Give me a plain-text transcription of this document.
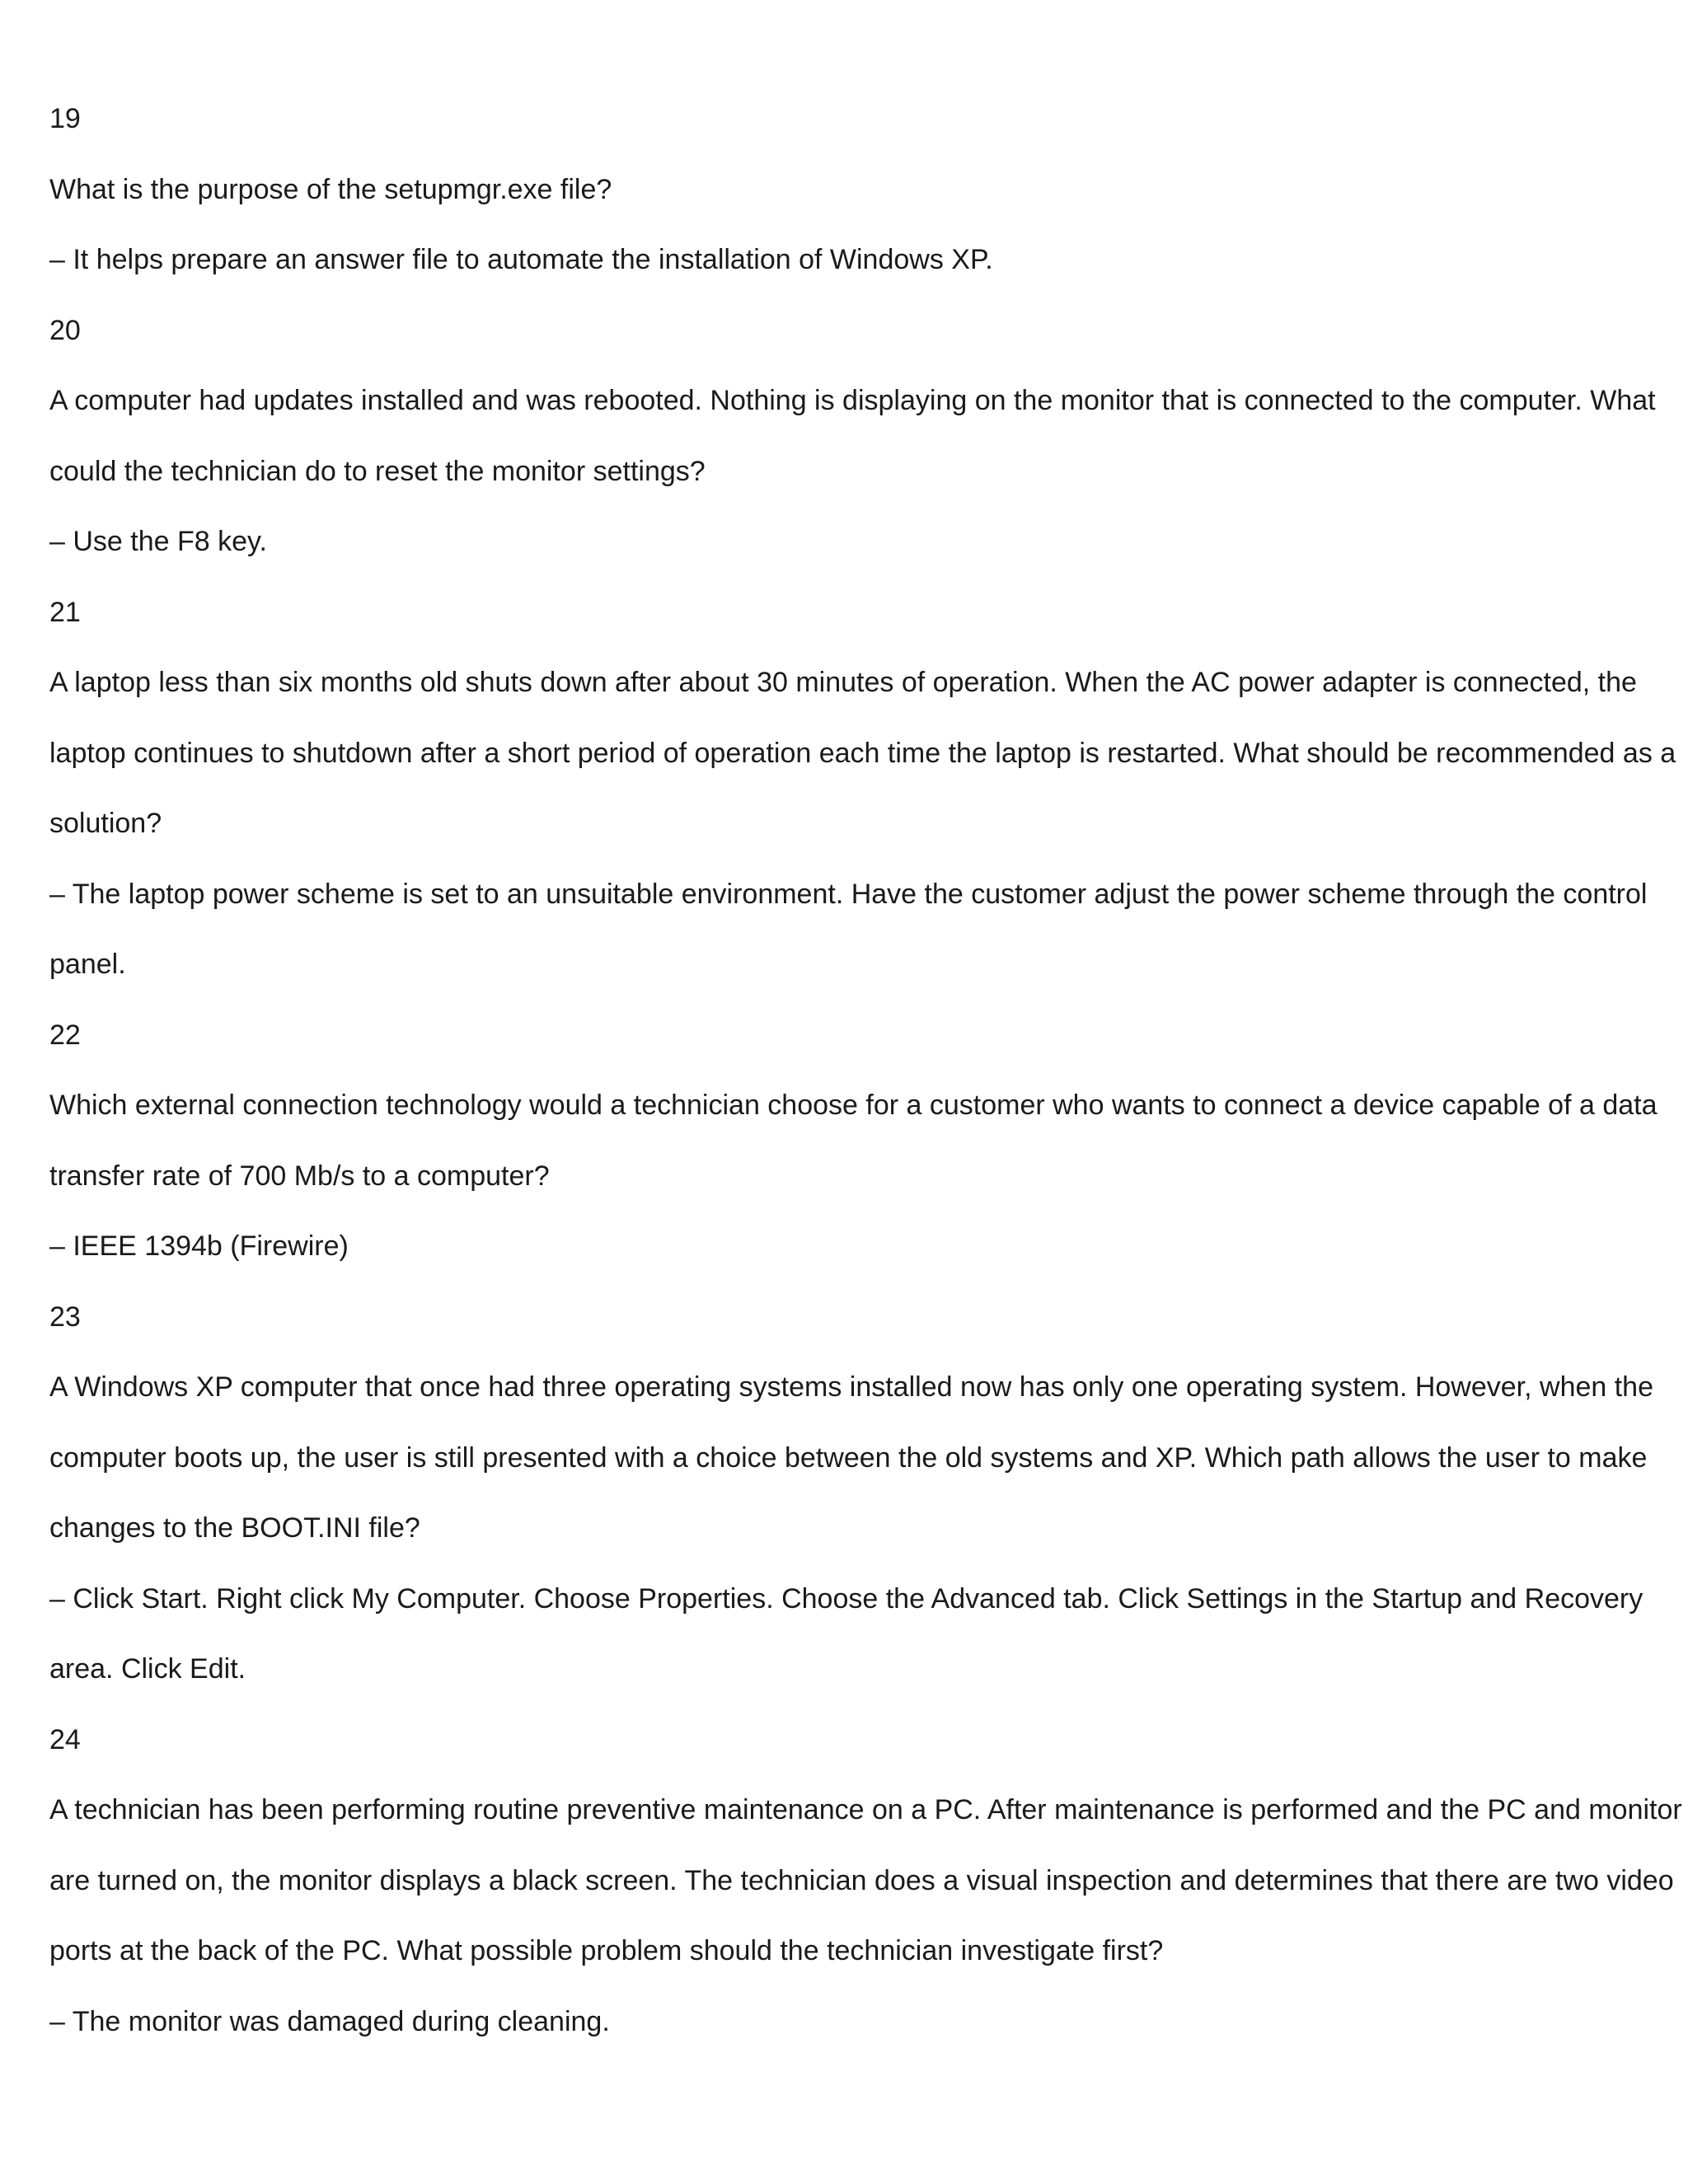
19

What is the purpose of the setupmgr.exe file?

– It helps prepare an answer file to automate the installation of Windows XP.

20

A computer had updates installed and was rebooted. Nothing is displaying on the monitor that is connected to the computer. What

could the technician do to reset the monitor settings?

– Use the F8 key.

21

A laptop less than six months old shuts down after about 30 minutes of operation. When the AC power adapter is connected, the

laptop continues to shutdown after a short period of operation each time the laptop is restarted. What should be recommended as a

solution?

– The laptop power scheme is set to an unsuitable environment. Have the customer adjust the power scheme through the control

panel.

22

Which external connection technology would a technician choose for a customer who wants to connect a device capable of a data

transfer rate of 700 Mb/s to a computer?

– IEEE 1394b (Firewire)

23

A Windows XP computer that once had three operating systems installed now has only one operating system. However, when the

computer boots up, the user is still presented with a choice between the old systems and XP. Which path allows the user to make

changes to the BOOT.INI file?

– Click Start. Right click My Computer. Choose Properties. Choose the Advanced tab. Click Settings in the Startup and Recovery

area. Click Edit.

24

A technician has been performing routine preventive maintenance on a PC. After maintenance is performed and the PC and monitor

are turned on, the monitor displays a black screen. The technician does a visual inspection and determines that there are two video

ports at the back of the PC. What possible problem should the technician investigate first?

– The monitor was damaged during cleaning.
